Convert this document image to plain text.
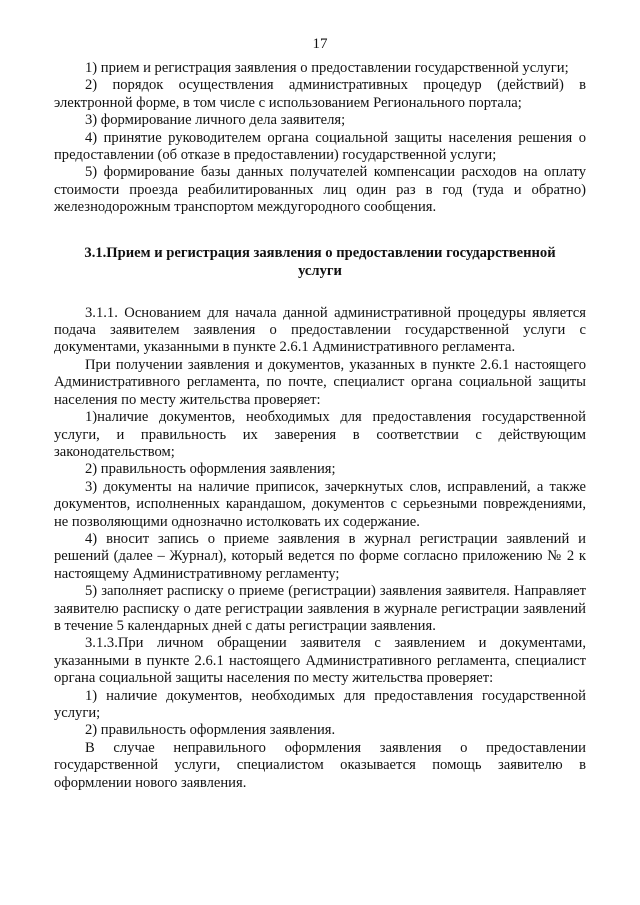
17

1) прием и регистрация заявления о предоставлении государственной услуги;

2) порядок осуществления административных процедур (действий) в электронной форме, в том числе с использованием Регионального портала;

3) формирование личного дела заявителя;

4) принятие руководителем органа социальной защиты населения решения о предоставлении (об отказе в предоставлении) государственной услуги;

5) формирование базы данных получателей компенсации расходов на оплату стоимости проезда реабилитированных лиц один раз в год (туда и обратно) железнодорожным транспортом междугородного сообщения.

3.1.Прием и регистрация заявления о предоставлении государственной услуги

3.1.1. Основанием для начала данной административной процедуры является подача заявителем заявления о предоставлении государственной услуги с документами, указанными в пункте 2.6.1 Административного регламента.

При получении заявления и документов, указанных в пункте 2.6.1 настоящего Административного регламента, по почте, специалист органа социальной защиты населения по месту жительства проверяет:

1)наличие документов, необходимых для предоставления государственной услуги, и правильность их заверения в соответствии с действующим законодательством;

2) правильность оформления заявления;

3) документы на наличие приписок, зачеркнутых слов, исправлений, а также документов, исполненных карандашом, документов с серьезными повреждениями, не позволяющими однозначно истолковать их содержание.

4) вносит запись о приеме заявления в журнал регистрации заявлений и решений (далее – Журнал), который ведется по форме согласно приложению № 2 к настоящему Административному регламенту;

5) заполняет расписку о приеме (регистрации) заявления заявителя. Направляет заявителю расписку о дате регистрации заявления в журнале регистрации заявлений в течение 5 календарных дней с даты регистрации заявления.

3.1.3.При личном обращении заявителя с заявлением и документами, указанными в пункте 2.6.1 настоящего Административного регламента, специалист органа социальной защиты населения по месту жительства проверяет:

1) наличие документов, необходимых для предоставления государственной услуги;

2) правильность оформления заявления.

В случае неправильного оформления заявления о предоставлении государственной услуги, специалистом оказывается помощь заявителю в оформлении нового заявления.
